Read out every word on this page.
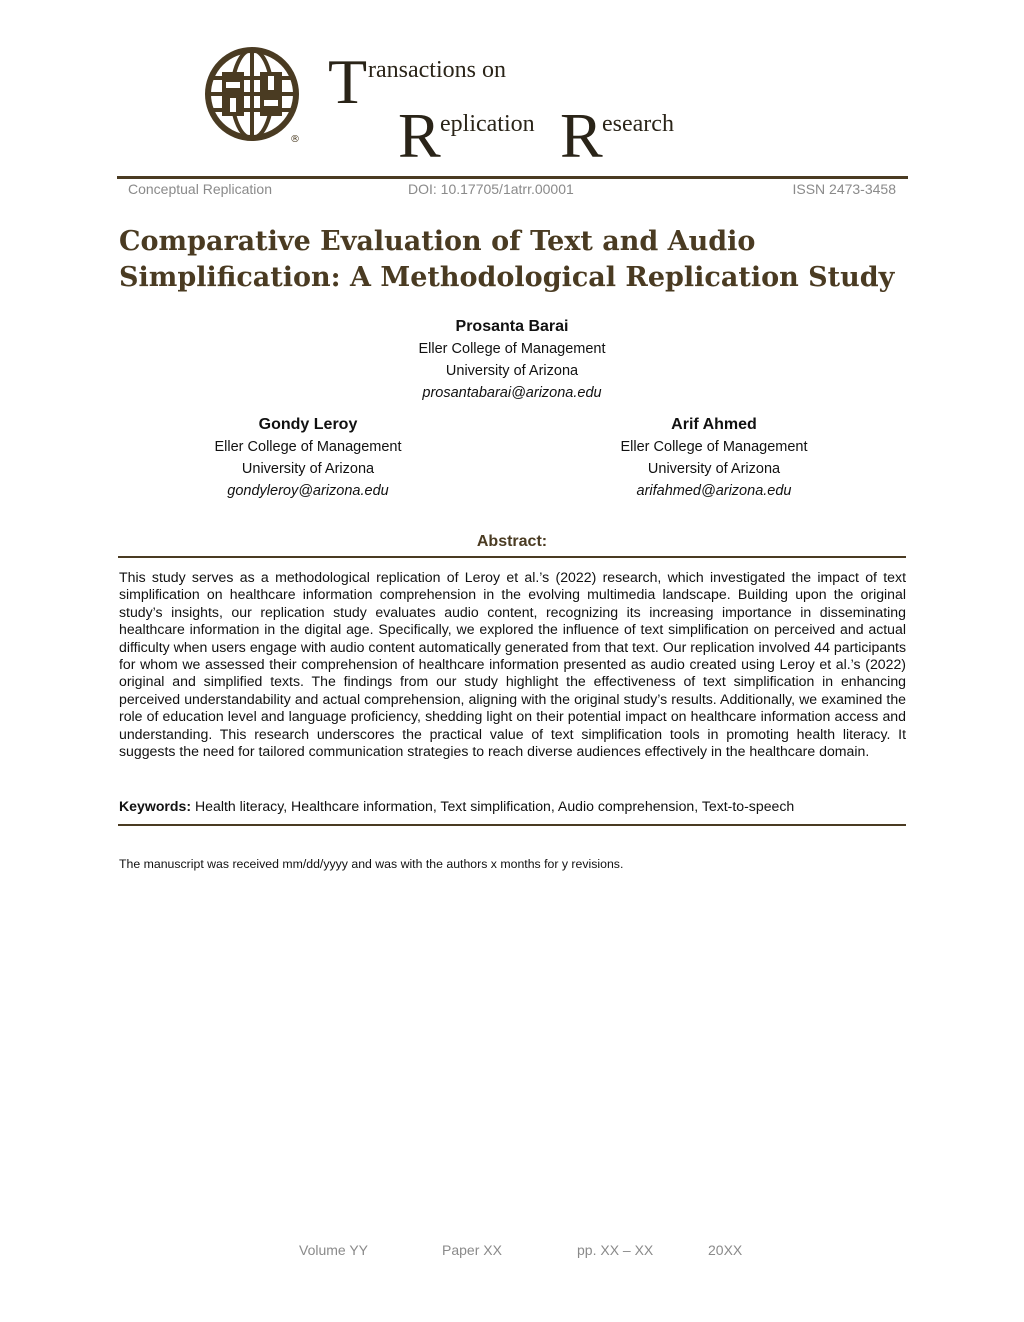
®
T ransactions on
R eplication R esearch
Conceptual Replication	DOI: 10.17705/1atrr.00001	ISSN 2473-3458
Comparative Evaluation of Text and Audio
Simplification: A Methodological Replication Study
Prosanta Barai
Eller College of Management
University of Arizona
prosantabarai@arizona.edu
Gondy Leroy
Eller College of Management
University of Arizona
gondyleroy@arizona.edu
Arif Ahmed
Eller College of Management
University of Arizona
arifahmed@arizona.edu
Abstract:
This study serves as a methodological replication of Leroy et al.’s (2022) research, which investigated the impact of text simplification on healthcare information comprehension in the evolving multimedia landscape. Building upon the original study’s insights, our replication study evaluates audio content, recognizing its increasing importance in disseminating healthcare information in the digital age. Specifically, we explored the influence of text simplification on perceived and actual difficulty when users engage with audio content automatically generated from that text. Our replication involved 44 participants for whom we assessed their comprehension of healthcare information presented as audio created using Leroy et al.’s (2022) original and simplified texts. The findings from our study highlight the effectiveness of text simplification in enhancing perceived understandability and actual comprehension, aligning with the original study’s results. Additionally, we examined the role of education level and language proficiency, shedding light on their potential impact on healthcare information access and understanding. This research underscores the practical value of text simplification tools in promoting health literacy. It suggests the need for tailored communication strategies to reach diverse audiences effectively in the healthcare domain.
Keywords: Health literacy, Healthcare information, Text simplification, Audio comprehension, Text-to-speech
The manuscript was received mm/dd/yyyy and was with the authors x months for y revisions.
Volume YY	Paper XX	pp. XX – XX	20XX
